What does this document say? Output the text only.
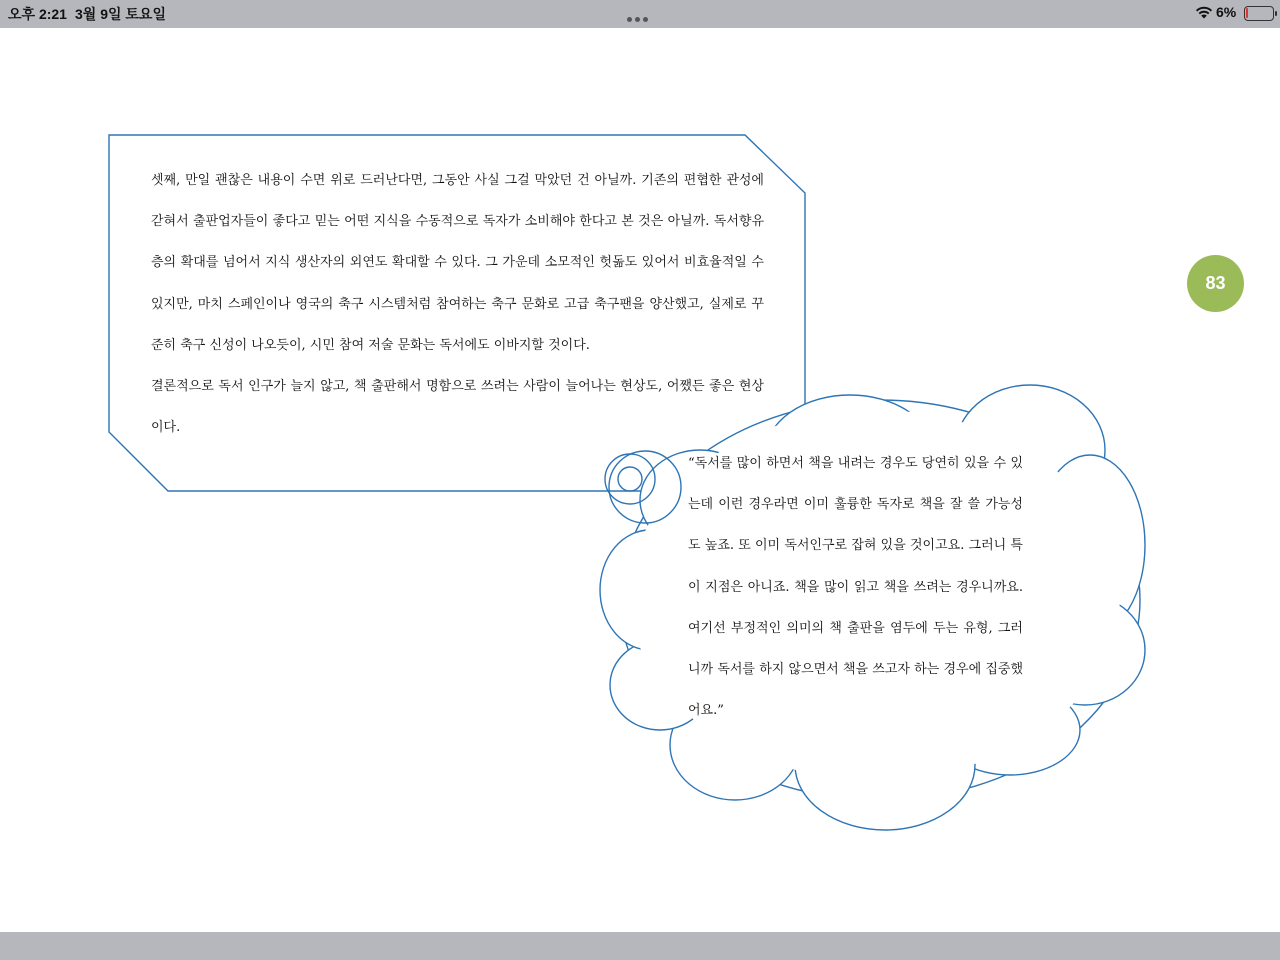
오후 2:21 3월 9일 토요일	6%

셋째, 만일 괜찮은 내용이 수면 위로 드러난다면, 그동안 사실 그걸 막았던 건 아닐까. 기존의 편협한 관성에 갇혀서 출판업자들이 좋다고 믿는 어떤 지식을 수동적으로 독자가 소비해야 한다고 본 것은 아닐까. 독서향유층의 확대를 넘어서 지식 생산자의 외연도 확대할 수 있다. 그 가운데 소모적인 헛돎도 있어서 비효율적일 수 있지만, 마치 스페인이나 영국의 축구 시스템처럼 참여하는 축구 문화로 고급 축구팬을 양산했고, 실제로 꾸준히 축구 신성이 나오듯이, 시민 참여 저술 문화는 독서에도 이바지할 것이다.

결론적으로 독서 인구가 늘지 않고, 책 출판해서 명함으로 쓰려는 사람이 늘어나는 현상도, 어쨌든 좋은 현상이다.

“독서를 많이 하면서 책을 내려는 경우도 당연히 있을 수 있는데 이런 경우라면 이미 훌륭한 독자로 책을 잘 쓸 가능성도 높죠. 또 이미 독서인구로 잡혀 있을 것이고요. 그러니 특이 지점은 아니죠. 책을 많이 읽고 책을 쓰려는 경우니까요. 여기선 부정적인 의미의 책 출판을 염두에 두는 유형, 그러니까 독서를 하지 않으면서 책을 쓰고자 하는 경우에 집중했어요.”
83
